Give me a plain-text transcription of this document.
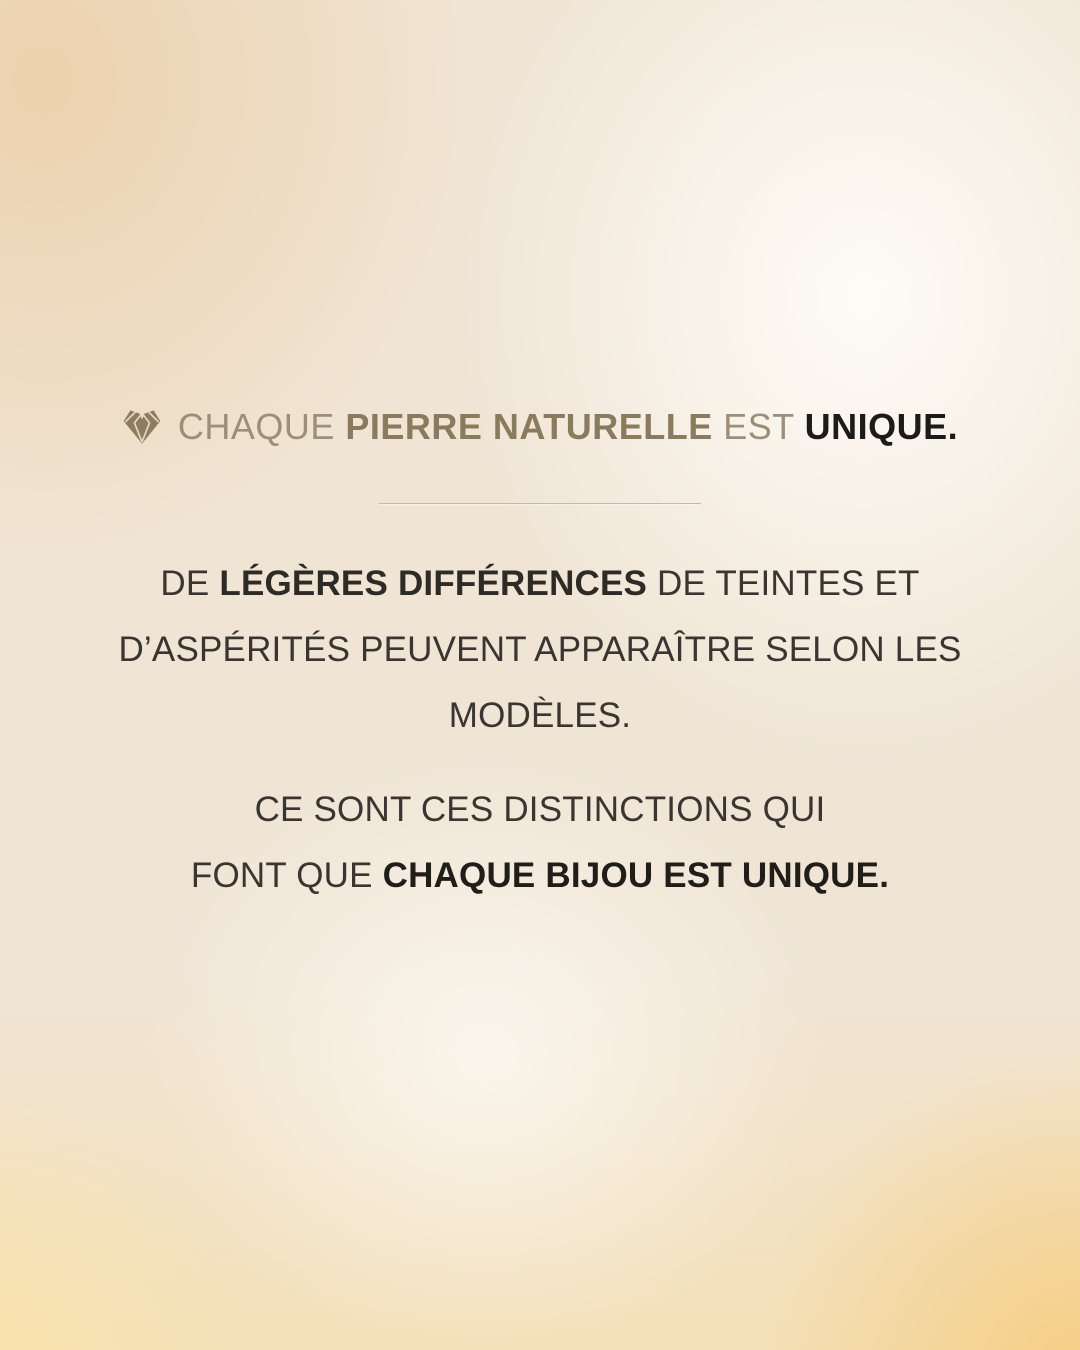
CHAQUE PIERRE NATURELLE EST UNIQUE.
DE LÉGÈRES DIFFÉRENCES DE TEINTES ET
D’ASPÉRITÉS PEUVENT APPARAÎTRE SELON LES
MODÈLES.
CE SONT CES DISTINCTIONS QUI
FONT QUE CHAQUE BIJOU EST UNIQUE.
